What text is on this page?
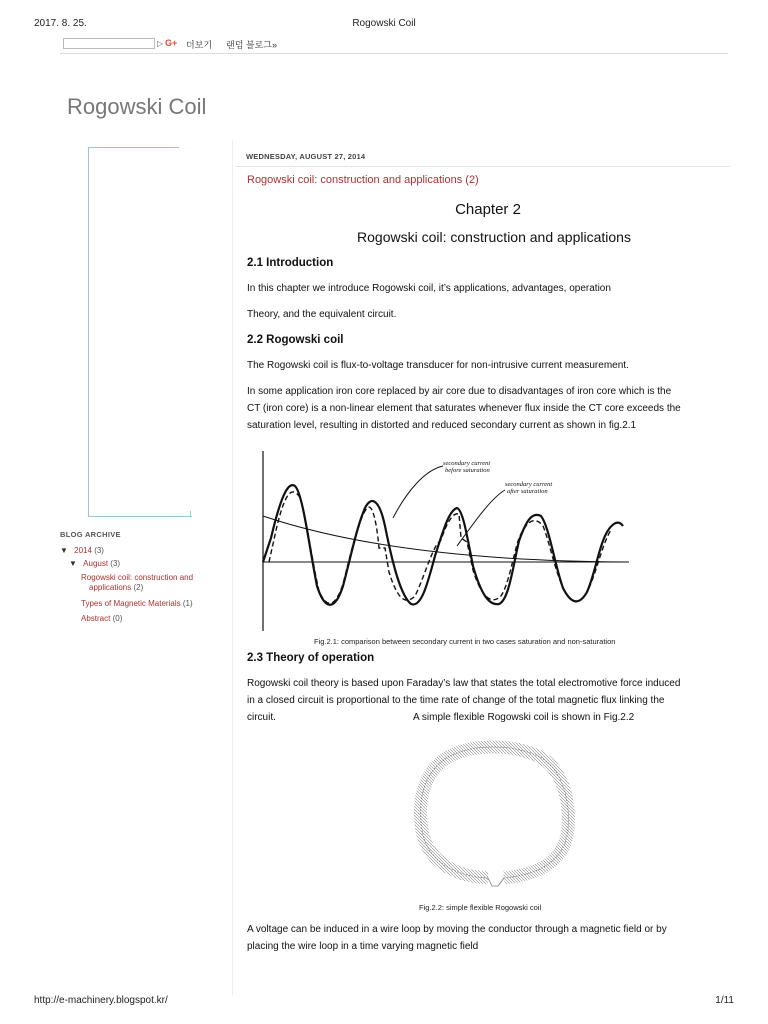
2017. 8. 25.	Rogowski Coil
▷ G+ 더보기 랜덤 블로그»
Rogowski Coil
BLOG ARCHIVE
▼ 2014 (3)
▼ August (3)
Rogowski coil: construction and
applications (2)
Types of Magnetic Materials (1)
Abstract (0)
WEDNESDAY, AUGUST 27, 2014
Rogowski coil: construction and applications (2)
Chapter 2
Rogowski coil: construction and applications
2.1 Introduction
In this chapter we introduce Rogowski coil, it’s applications, advantages, operation
Theory, and the equivalent circuit.
2.2 Rogowski coil
The Rogowski coil is flux-to-voltage transducer for non-intrusive current measurement.
In some application iron core replaced by air core due to disadvantages of iron core which is the
CT (iron core) is a non-linear element that saturates whenever flux inside the CT core exceeds the
saturation level, resulting in distorted and reduced secondary current as shown in fig.2.1
secondary current
before saturation
secondary current
after saturation
Fig.2.1: comparison between secondary current in two cases saturation and non-saturation
2.3 Theory of operation
Rogowski coil theory is based upon Faraday’s law that states the total electromotive force induced
in a closed circuit is proportional to the time rate of change of the total magnetic flux linking the
circuit.	A simple flexible Rogowski coil is shown in Fig.2.2
Fig.2.2: simple flexible Rogowski coil
A voltage can be induced in a wire loop by moving the conductor through a magnetic field or by
placing the wire loop in a time varying magnetic field
http://e-machinery.blogspot.kr/	1/11
